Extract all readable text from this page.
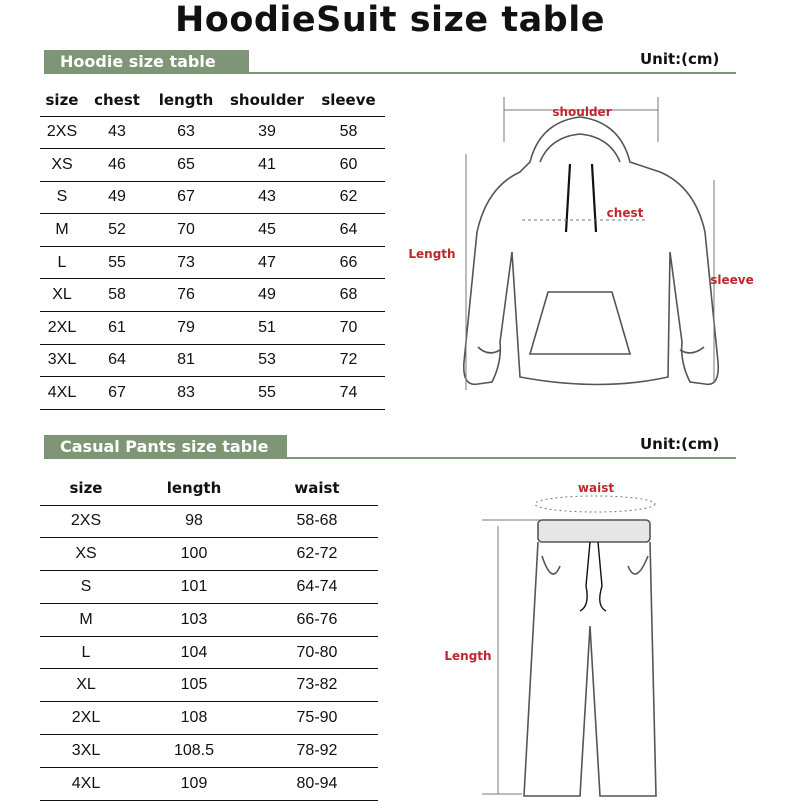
HoodieSuit size table
Hoodie size table	Unit:(cm)
size	chest	length	shoulder	sleeve
2XS	43	63	39	58
XS	46	65	41	60
S	49	67	43	62
M	52	70	45	64
L	55	73	47	66
XL	58	76	49	68
2XL	61	79	51	70
3XL	64	81	53	72
4XL	67	83	55	74
shoulder
chest
Length
sleeve
Casual Pants size table	Unit:(cm)
size	length	waist
2XS	98	58-68
XS	100	62-72
S	101	64-74
M	103	66-76
L	104	70-80
XL	105	73-82
2XL	108	75-90
3XL	108.5	78-92
4XL	109	80-94
waist
Length
